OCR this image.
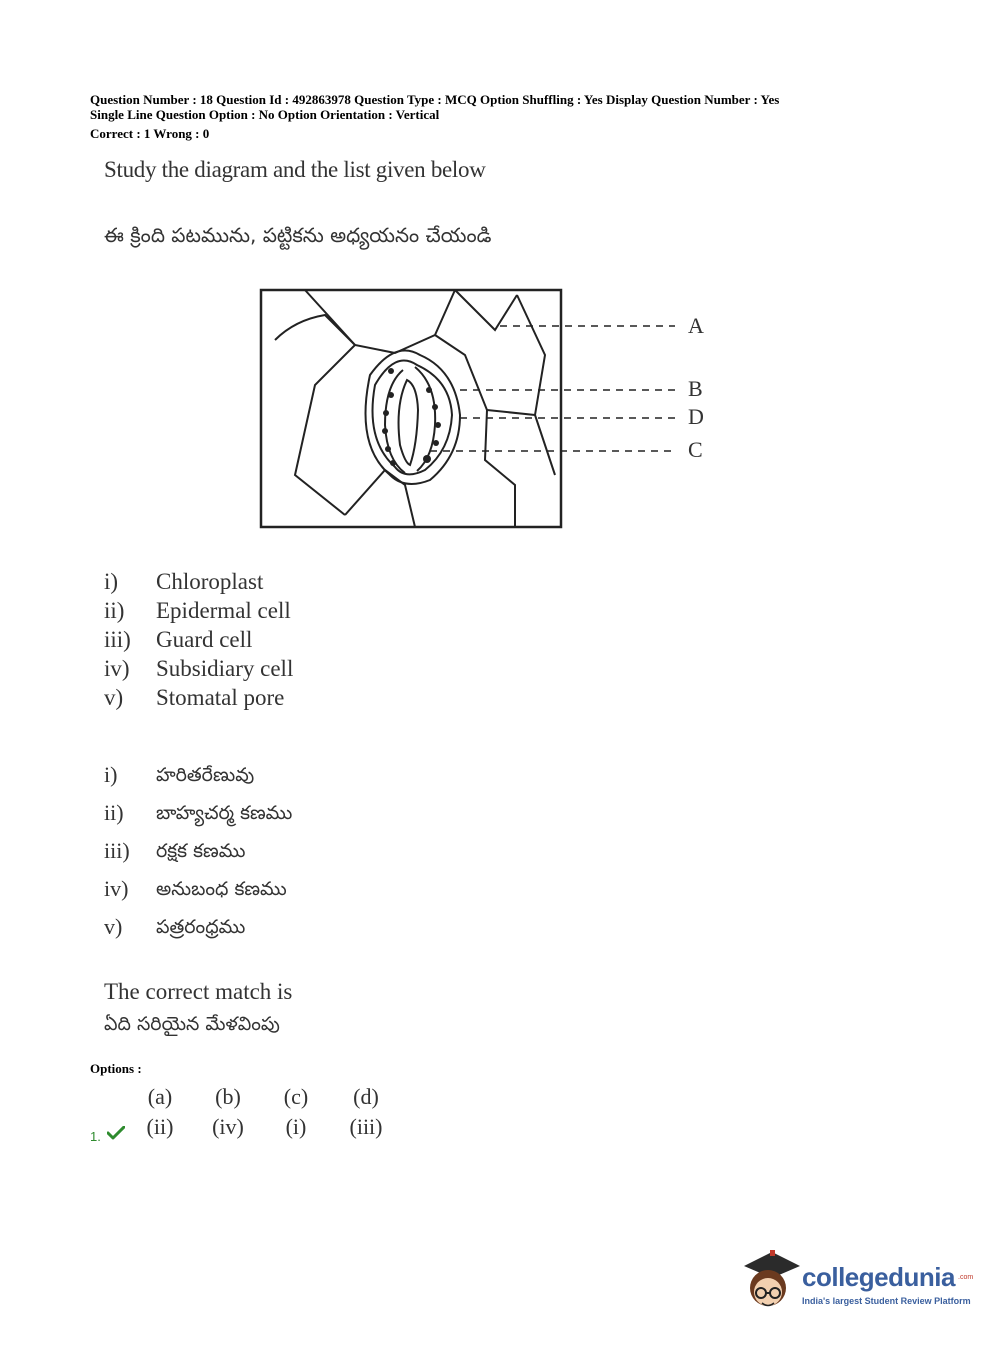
Question Number : 18 Question Id : 492863978 Question Type : MCQ Option Shuffling : Yes Display Question Number : Yes
Single Line Question Option : No Option Orientation : Vertical
Correct : 1 Wrong : 0
Study the diagram and the list given below
ఈ క్రింది పటమును, పట్టికను అధ్యయనం చేయండి
A
B
D
C
i) Chloroplast
ii) Epidermal cell
iii) Guard cell
iv) Subsidiary cell
v) Stomatal pore
i) హరితరేణువు
ii) బాహ్యచర్మ కణము
iii) రక్షక కణము
iv) అనుబంధ కణము
v) పత్రరంధ్రము
The correct match is
ఏది సరియైన మేళవింపు
Options :
1.
(a)	(b)	(c)	(d)
(ii)	(iv)	(i)	(iii)
collegedunia .com
India's largest Student Review Platform
